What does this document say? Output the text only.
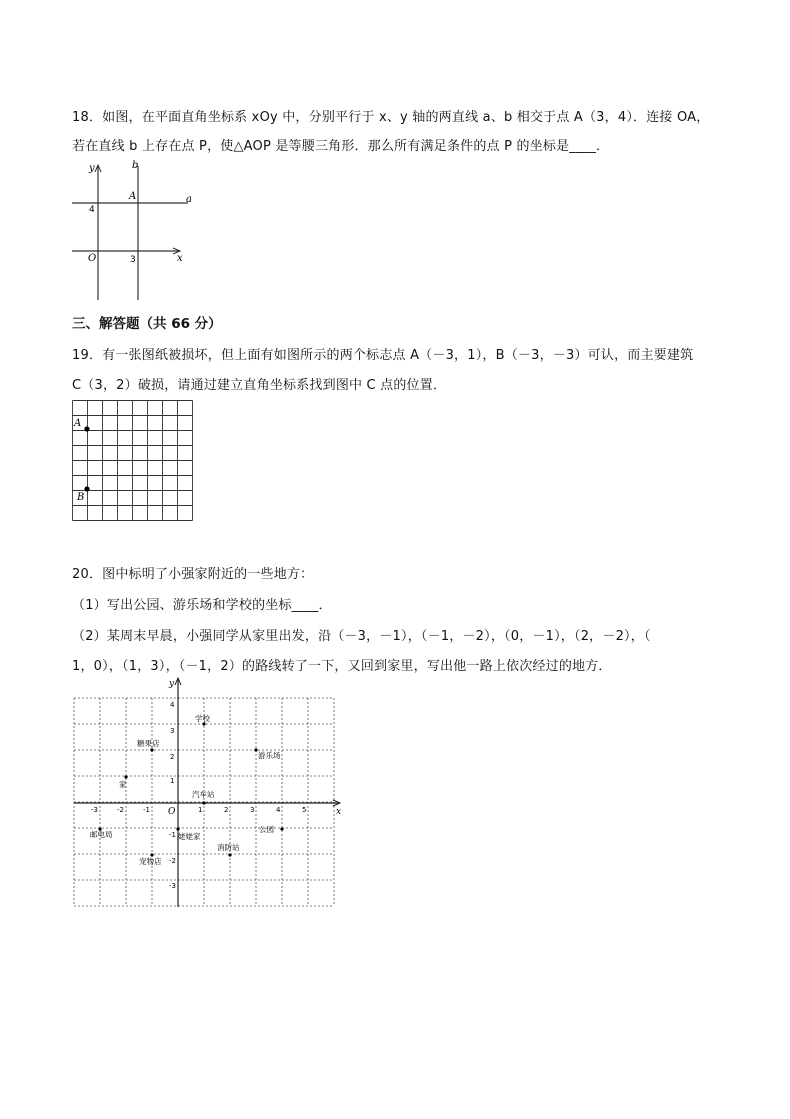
18．如图，在平面直角坐标系 xOy 中，分别平行于 x、y 轴的两直线 a、b 相交于点 A（3，4）．连接 OA，
若在直线 b 上存在点 P，使△AOP 是等腰三角形．那么所有满足条件的点 P 的坐标是____．
y	b
a
A
4
O	3	x
三、解答题（共 66 分）
19．有一张图纸被损坏，但上面有如图所示的两个标志点 A（－3，1），B（－3，－3）可认，而主要建筑
C（3，2）破损，请通过建立直角坐标系找到图中 C 点的位置．
A
B
20．图中标明了小强家附近的一些地方：
（1）写出公园、游乐场和学校的坐标____．
（2）某周末早晨，小强同学从家里出发，沿（－3，－1），（－1，－2），（0，－1），（2，－2），（
1，0），（1，3），（－1，2）的路线转了一下，又回到家里，写出他一路上依次经过的地方．
y
x
O
-3	-2	-1	1	2	3	4	5
4
3
2
1
-1
-2
-3
学校
糖果店
游乐场
家
汽车站
邮电局	姥姥家
公园
消防站
宠物店
